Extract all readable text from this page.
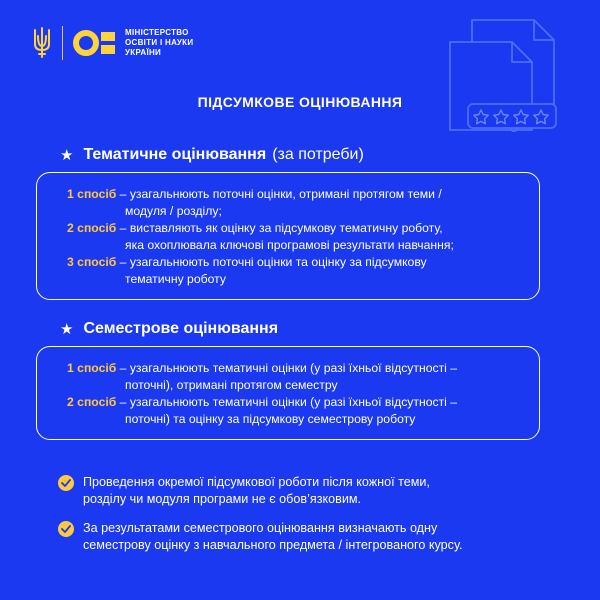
МІНІСТЕРСТВО
ОСВІТИ І НАУКИ
УКРАЇНИ
ПІДСУМКОВЕ ОЦІНЮВАННЯ
★ Тематичне оцінювання (за потреби)
1 спосіб – узагальнюють поточні оцінки, отримані протягом теми /
модуля / розділу;
2 спосіб – виставляють як оцінку за підсумкову тематичну роботу,
яка охоплювала ключові програмові результати навчання;
3 спосіб – узагальнюють поточні оцінки та оцінку за підсумкову
тематичну роботу
★ Семестрове оцінювання
1 спосіб – узагальнюють тематичні оцінки (у разі їхньої відсутності –
поточні), отримані протягом семестру
2 спосіб – узагальнюють тематичні оцінки (у разі їхньої відсутності –
поточні) та оцінку за підсумкову семестрову роботу
Проведення окремої підсумкової роботи після кожної теми,
розділу чи модуля програми не є обов’язковим.
За результатами семестрового оцінювання визначають одну
семестрову оцінку з навчального предмета / інтегрованого курсу.
